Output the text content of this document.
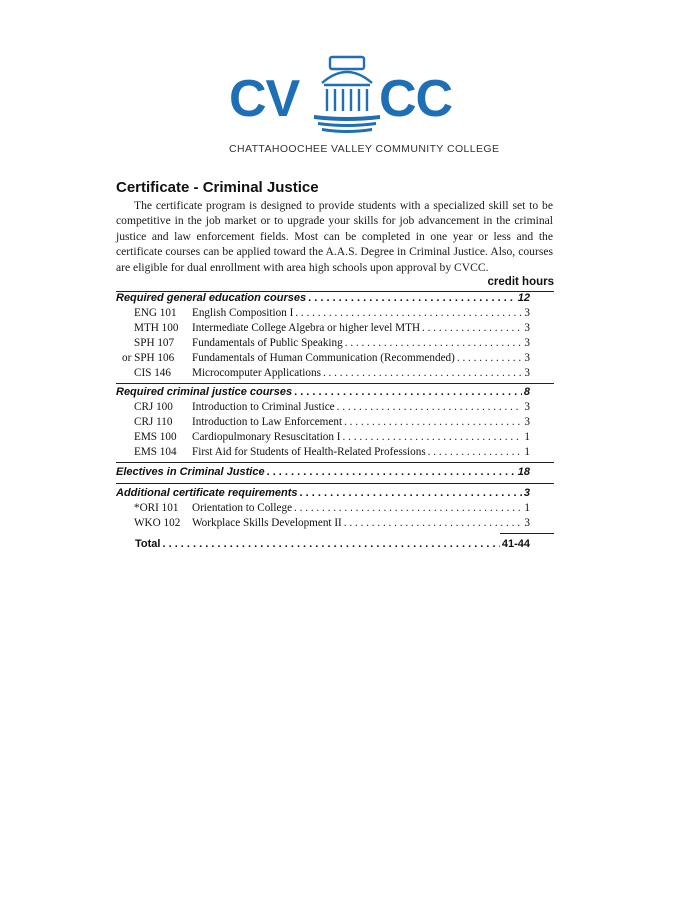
CV CC
CHATTAHOOCHEE VALLEY COMMUNITY COLLEGE
Certificate - Criminal Justice

The certificate program is designed to provide students with a specialized skill set to be competitive in the job market or to upgrade your skills for job advancement in the criminal justice and law enforcement fields. Most can be completed in one year or less and the certificate courses can be applied toward the A.A.S. Degree in Criminal Justice. Also, courses are eligible for dual enrollment with area high schools upon approval by CVCC.

credit hours
Required general education courses . . .	12
ENG 101	English Composition I . . .	3
MTH 100	Intermediate College Algebra or higher level MTH . . .	3
SPH 107	Fundamentals of Public Speaking . . .	3
or SPH 106	Fundamentals of Human Communication (Recommended) . . .	3
CIS 146	Microcomputer Applications . . .	3
Required criminal justice courses . . .	8
CRJ 100	Introduction to Criminal Justice . . .	3
CRJ 110	Introduction to Law Enforcement . . .	3
EMS 100	Cardiopulmonary Resuscitation I . . .	1
EMS 104	First Aid for Students of Health-Related Professions . . .	1
Electives in Criminal Justice . . .	18
Additional certificate requirements . . .	3
*ORI 101	Orientation to College . . .	1
WKO 102	Workplace Skills Development II . . .	3
Total . . .	41-44
